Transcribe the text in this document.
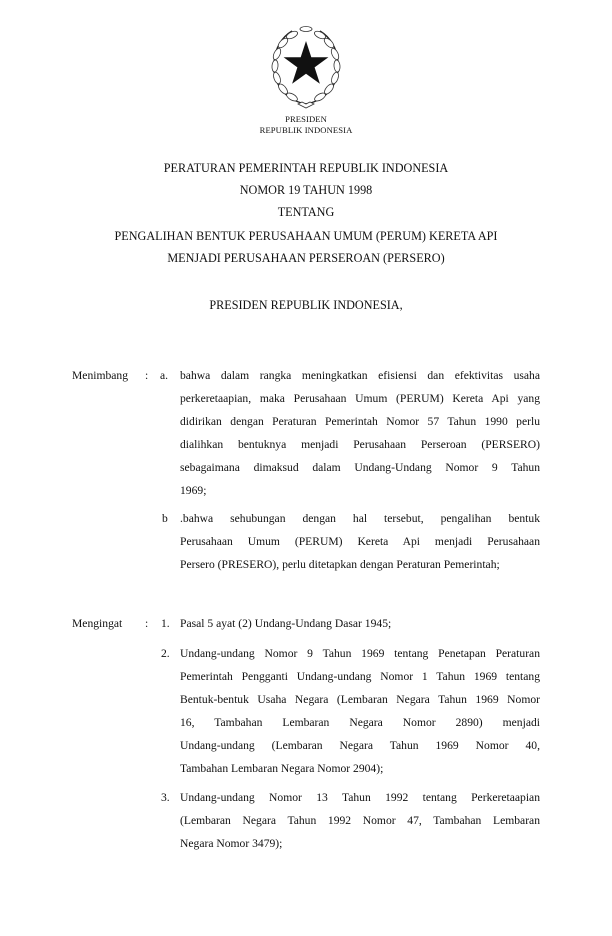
PRESIDEN
REPUBLIK INDONESIA
PERATURAN PEMERINTAH REPUBLIK INDONESIA
NOMOR 19 TAHUN 1998
TENTANG
PENGALIHAN BENTUK PERUSAHAAN UMUM (PERUM) KERETA API
MENJADI PERUSAHAAN PERSEROAN (PERSERO)
PRESIDEN REPUBLIK INDONESIA,
Menimbang : a. bahwa dalam rangka meningkatkan efisiensi dan efektivitas usaha
perkeretaapian, maka Perusahaan Umum (PERUM) Kereta Api yang
didirikan dengan Peraturan Pemerintah Nomor 57 Tahun 1990 perlu
dialihkan bentuknya menjadi Perusahaan Perseroan (PERSERO)
sebagaimana dimaksud dalam Undang-Undang Nomor 9 Tahun
1969;
b .bahwa sehubungan dengan hal tersebut, pengalihan bentuk
Perusahaan Umum (PERUM) Kereta Api menjadi Perusahaan
Persero (PRESERO), perlu ditetapkan dengan Peraturan Pemerintah;
Mengingat : 1. Pasal 5 ayat (2) Undang-Undang Dasar 1945;
2. Undang-undang Nomor 9 Tahun 1969 tentang Penetapan Peraturan
Pemerintah Pengganti Undang-undang Nomor 1 Tahun 1969 tentang
Bentuk-bentuk Usaha Negara (Lembaran Negara Tahun 1969 Nomor
16, Tambahan Lembaran Negara Nomor 2890) menjadi
Undang-undang (Lembaran Negara Tahun 1969 Nomor 40,
Tambahan Lembaran Negara Nomor 2904);
3. Undang-undang Nomor 13 Tahun 1992 tentang Perkeretaapian
(Lembaran Negara Tahun 1992 Nomor 47, Tambahan Lembaran
Negara Nomor 3479);
